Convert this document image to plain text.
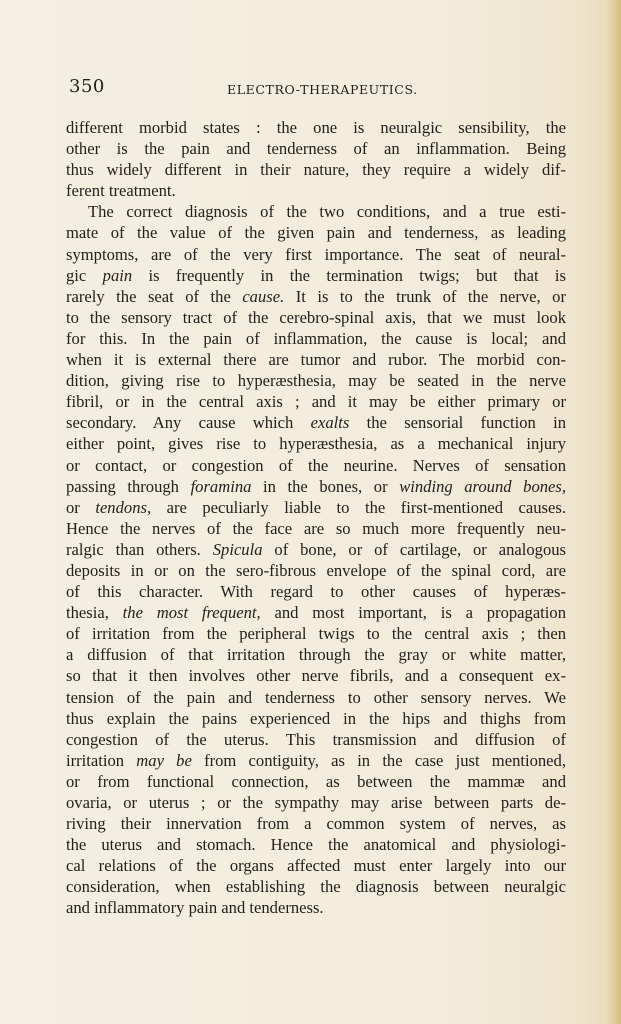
350	ELECTRO-THERAPEUTICS.
different morbid states : the one is neuralgic sensibility, the
other is the pain and tenderness of an inflammation. Being
thus widely different in their nature, they require a widely dif-
ferent treatment.
The correct diagnosis of the two conditions, and a true esti-
mate of the value of the given pain and tenderness, as leading
symptoms, are of the very first importance. The seat of neural-
gic pain is frequently in the termination twigs; but that is
rarely the seat of the cause. It is to the trunk of the nerve, or
to the sensory tract of the cerebro-spinal axis, that we must look
for this. In the pain of inflammation, the cause is local; and
when it is external there are tumor and rubor. The morbid con-
dition, giving rise to hyperæsthesia, may be seated in the nerve
fibril, or in the central axis ; and it may be either primary or
secondary. Any cause which exalts the sensorial function in
either point, gives rise to hyperæsthesia, as a mechanical injury
or contact, or congestion of the neurine. Nerves of sensation
passing through foramina in the bones, or winding around bones,
or tendons, are peculiarly liable to the first-mentioned causes.
Hence the nerves of the face are so much more frequently neu-
ralgic than others. Spicula of bone, or of cartilage, or analogous
deposits in or on the sero-fibrous envelope of the spinal cord, are
of this character. With regard to other causes of hyperæs-
thesia, the most frequent, and most important, is a propagation
of irritation from the peripheral twigs to the central axis ; then
a diffusion of that irritation through the gray or white matter,
so that it then involves other nerve fibrils, and a consequent ex-
tension of the pain and tenderness to other sensory nerves. We
thus explain the pains experienced in the hips and thighs from
congestion of the uterus. This transmission and diffusion of
irritation may be from contiguity, as in the case just mentioned,
or from functional connection, as between the mammæ and
ovaria, or uterus ; or the sympathy may arise between parts de-
riving their innervation from a common system of nerves, as
the uterus and stomach. Hence the anatomical and physiologi-
cal relations of the organs affected must enter largely into our
consideration, when establishing the diagnosis between neuralgic
and inflammatory pain and tenderness.
